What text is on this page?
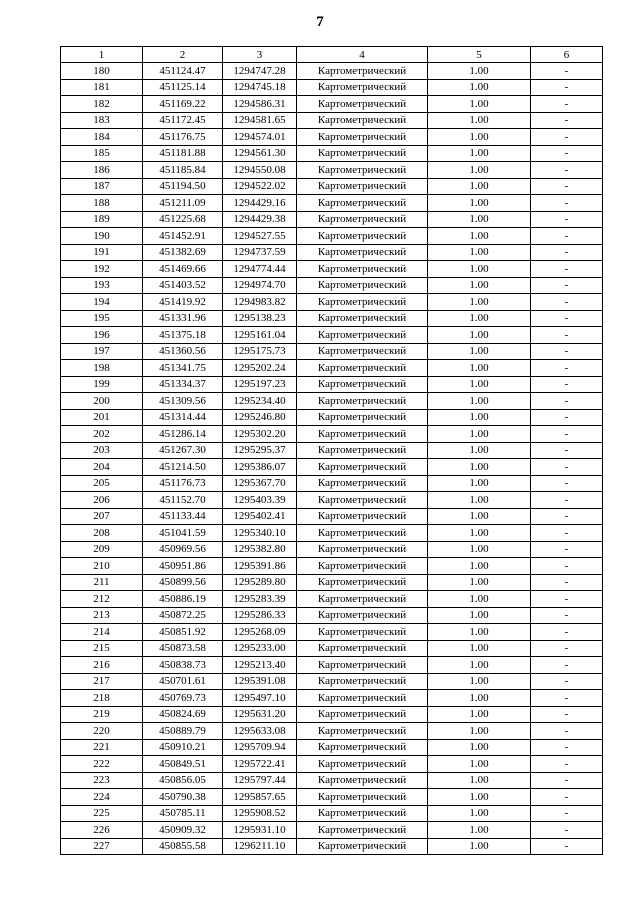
7
1	2	3	4	5	6
180	451124.47	1294747.28	Картометрический	1.00	-
181	451125.14	1294745.18	Картометрический	1.00	-
182	451169.22	1294586.31	Картометрический	1.00	-
183	451172.45	1294581.65	Картометрический	1.00	-
184	451176.75	1294574.01	Картометрический	1.00	-
185	451181.88	1294561.30	Картометрический	1.00	-
186	451185.84	1294550.08	Картометрический	1.00	-
187	451194.50	1294522.02	Картометрический	1.00	-
188	451211.09	1294429.16	Картометрический	1.00	-
189	451225.68	1294429.38	Картометрический	1.00	-
190	451452.91	1294527.55	Картометрический	1.00	-
191	451382.69	1294737.59	Картометрический	1.00	-
192	451469.66	1294774.44	Картометрический	1.00	-
193	451403.52	1294974.70	Картометрический	1.00	-
194	451419.92	1294983.82	Картометрический	1.00	-
195	451331.96	1295138.23	Картометрический	1.00	-
196	451375.18	1295161.04	Картометрический	1.00	-
197	451360.56	1295175.73	Картометрический	1.00	-
198	451341.75	1295202.24	Картометрический	1.00	-
199	451334.37	1295197.23	Картометрический	1.00	-
200	451309.56	1295234.40	Картометрический	1.00	-
201	451314.44	1295246.80	Картометрический	1.00	-
202	451286.14	1295302.20	Картометрический	1.00	-
203	451267.30	1295295.37	Картометрический	1.00	-
204	451214.50	1295386.07	Картометрический	1.00	-
205	451176.73	1295367.70	Картометрический	1.00	-
206	451152.70	1295403.39	Картометрический	1.00	-
207	451133.44	1295402.41	Картометрический	1.00	-
208	451041.59	1295340.10	Картометрический	1.00	-
209	450969.56	1295382.80	Картометрический	1.00	-
210	450951.86	1295391.86	Картометрический	1.00	-
211	450899.56	1295289.80	Картометрический	1.00	-
212	450886.19	1295283.39	Картометрический	1.00	-
213	450872.25	1295286.33	Картометрический	1.00	-
214	450851.92	1295268.09	Картометрический	1.00	-
215	450873.58	1295233.00	Картометрический	1.00	-
216	450838.73	1295213.40	Картометрический	1.00	-
217	450701.61	1295391.08	Картометрический	1.00	-
218	450769.73	1295497.10	Картометрический	1.00	-
219	450824.69	1295631.20	Картометрический	1.00	-
220	450889.79	1295633.08	Картометрический	1.00	-
221	450910.21	1295709.94	Картометрический	1.00	-
222	450849.51	1295722.41	Картометрический	1.00	-
223	450856.05	1295797.44	Картометрический	1.00	-
224	450790.38	1295857.65	Картометрический	1.00	-
225	450785.11	1295908.52	Картометрический	1.00	-
226	450909.32	1295931.10	Картометрический	1.00	-
227	450855.58	1296211.10	Картометрический	1.00	-
